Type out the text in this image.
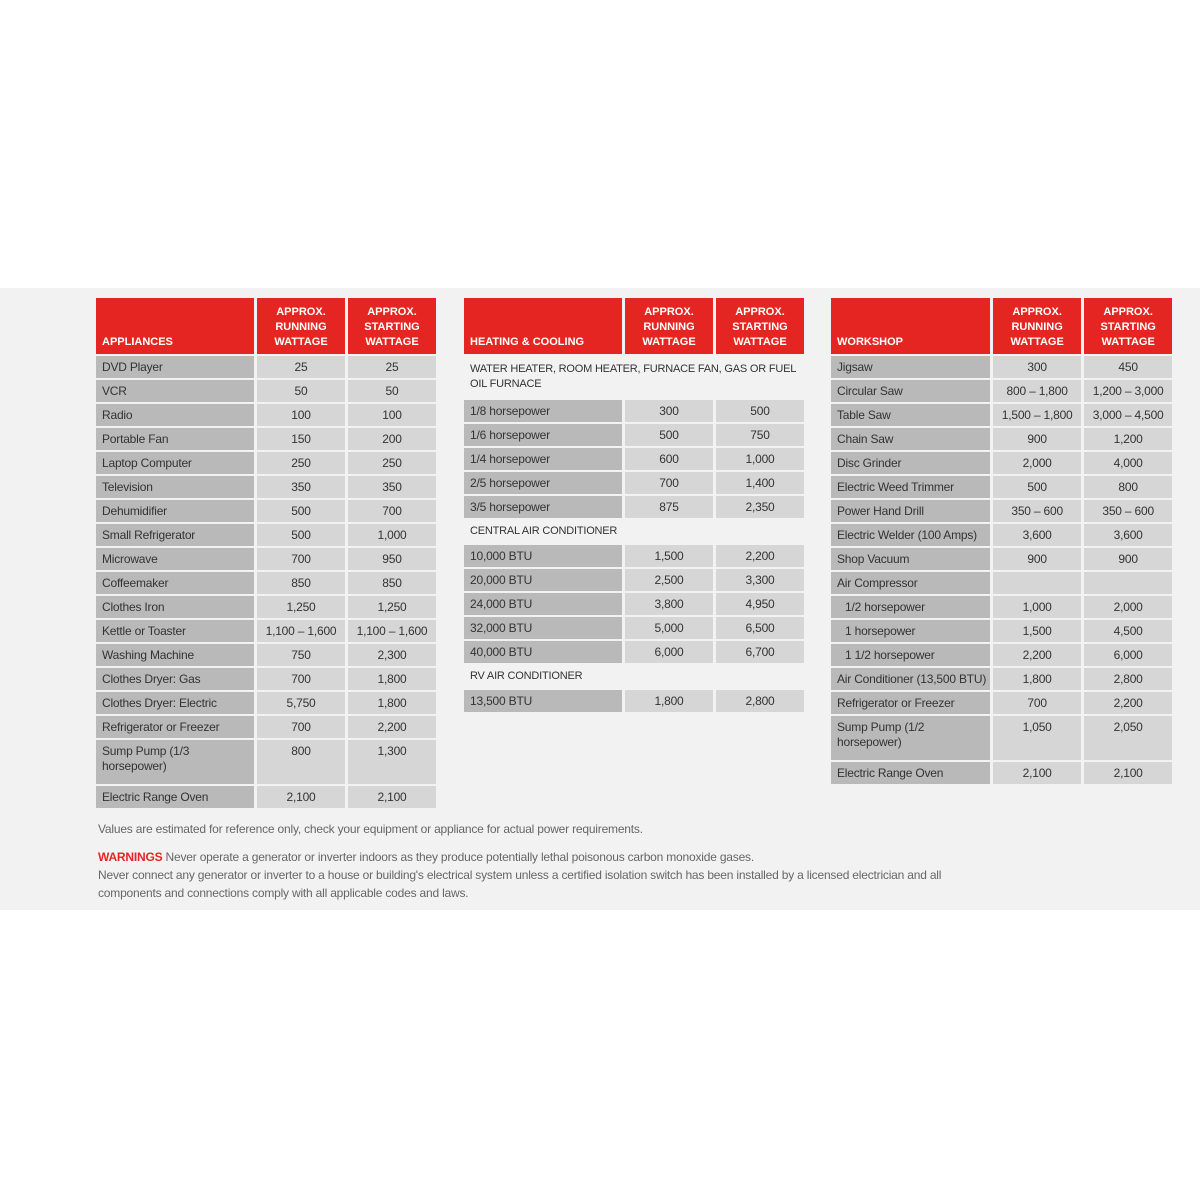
APPLIANCES	APPROX. RUNNING WATTAGE	APPROX. STARTING WATTAGE
DVD Player	25	25
VCR	50	50
Radio	100	100
Portable Fan	150	200
Laptop Computer	250	250
Television	350	350
Dehumidifier	500	700
Small Refrigerator	500	1,000
Microwave	700	950
Coffeemaker	850	850
Clothes Iron	1,250	1,250
Kettle or Toaster	1,100 – 1,600	1,100 – 1,600
Washing Machine	750	2,300
Clothes Dryer: Gas	700	1,800
Clothes Dryer: Electric	5,750	1,800
Refrigerator or Freezer	700	2,200
Sump Pump (1/3 horsepower)	800	1,300
Electric Range Oven	2,100	2,100
HEATING & COOLING	APPROX. RUNNING WATTAGE	APPROX. STARTING WATTAGE
WATER HEATER, ROOM HEATER, FURNACE FAN, GAS OR FUEL OIL FURNACE		
1/8 horsepower	300	500
1/6 horsepower	500	750
1/4 horsepower	600	1,000
2/5 horsepower	700	1,400
3/5 horsepower	875	2,350
CENTRAL AIR CONDITIONER		
10,000 BTU	1,500	2,200
20,000 BTU	2,500	3,300
24,000 BTU	3,800	4,950
32,000 BTU	5,000	6,500
40,000 BTU	6,000	6,700
RV AIR CONDITIONER		
13,500 BTU	1,800	2,800
WORKSHOP	APPROX. RUNNING WATTAGE	APPROX. STARTING WATTAGE
Jigsaw	300	450
Circular Saw	800 – 1,800	1,200 – 3,000
Table Saw	1,500 – 1,800	3,000 – 4,500
Chain Saw	900	1,200
Disc Grinder	2,000	4,000
Electric Weed Trimmer	500	800
Power Hand Drill	350 – 600	350 – 600
Electric Welder (100 Amps)	3,600	3,600
Shop Vacuum	900	900
Air Compressor		
1/2 horsepower	1,000	2,000
1 horsepower	1,500	4,500
1 1/2 horsepower	2,200	6,000
Air Conditioner (13,500 BTU)	1,800	2,800
Refrigerator or Freezer	700	2,200
Sump Pump (1/2 horsepower)	1,050	2,050
Electric Range Oven	2,100	2,100
Values are estimated for reference only, check your equipment or appliance for actual power requirements.
WARNINGS Never operate a generator or inverter indoors as they produce potentially lethal poisonous carbon monoxide gases.
Never connect any generator or inverter to a house or building's electrical system unless a certified isolation switch has been installed by a licensed electrician and all components and connections comply with all applicable codes and laws.
